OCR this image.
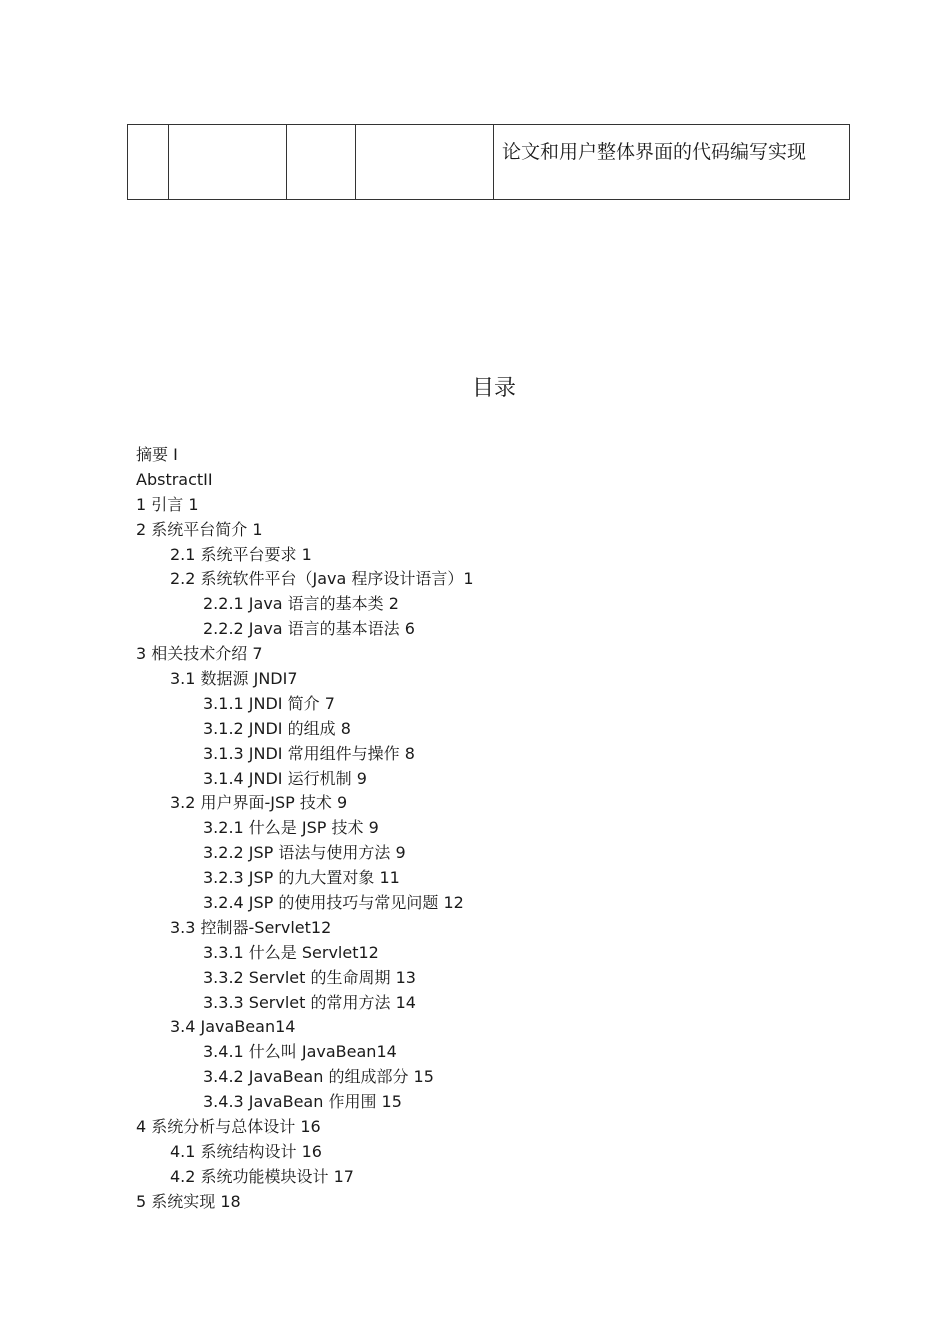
				论文和用户整体界面的代码编写实现
目录
摘要 I
AbstractII
1 引言 1
2 系统平台简介 1
2.1 系统平台要求 1
2.2 系统软件平台（Java 程序设计语言）1
2.2.1 Java 语言的基本类 2
2.2.2 Java 语言的基本语法 6
3 相关技术介绍 7
3.1 数据源 JNDI7
3.1.1 JNDI 简介 7
3.1.2 JNDI 的组成 8
3.1.3 JNDI 常用组件与操作 8
3.1.4 JNDI 运行机制 9
3.2 用户界面-JSP 技术 9
3.2.1 什么是 JSP 技术 9
3.2.2 JSP 语法与使用方法 9
3.2.3 JSP 的九大置对象 11
3.2.4 JSP 的使用技巧与常见问题 12
3.3 控制器-Servlet12
3.3.1 什么是 Servlet12
3.3.2 Servlet 的生命周期 13
3.3.3 Servlet 的常用方法 14
3.4 JavaBean14
3.4.1 什么叫 JavaBean14
3.4.2 JavaBean 的组成部分 15
3.4.3 JavaBean 作用围 15
4 系统分析与总体设计 16
4.1 系统结构设计 16
4.2 系统功能模块设计 17
5 系统实现 18
